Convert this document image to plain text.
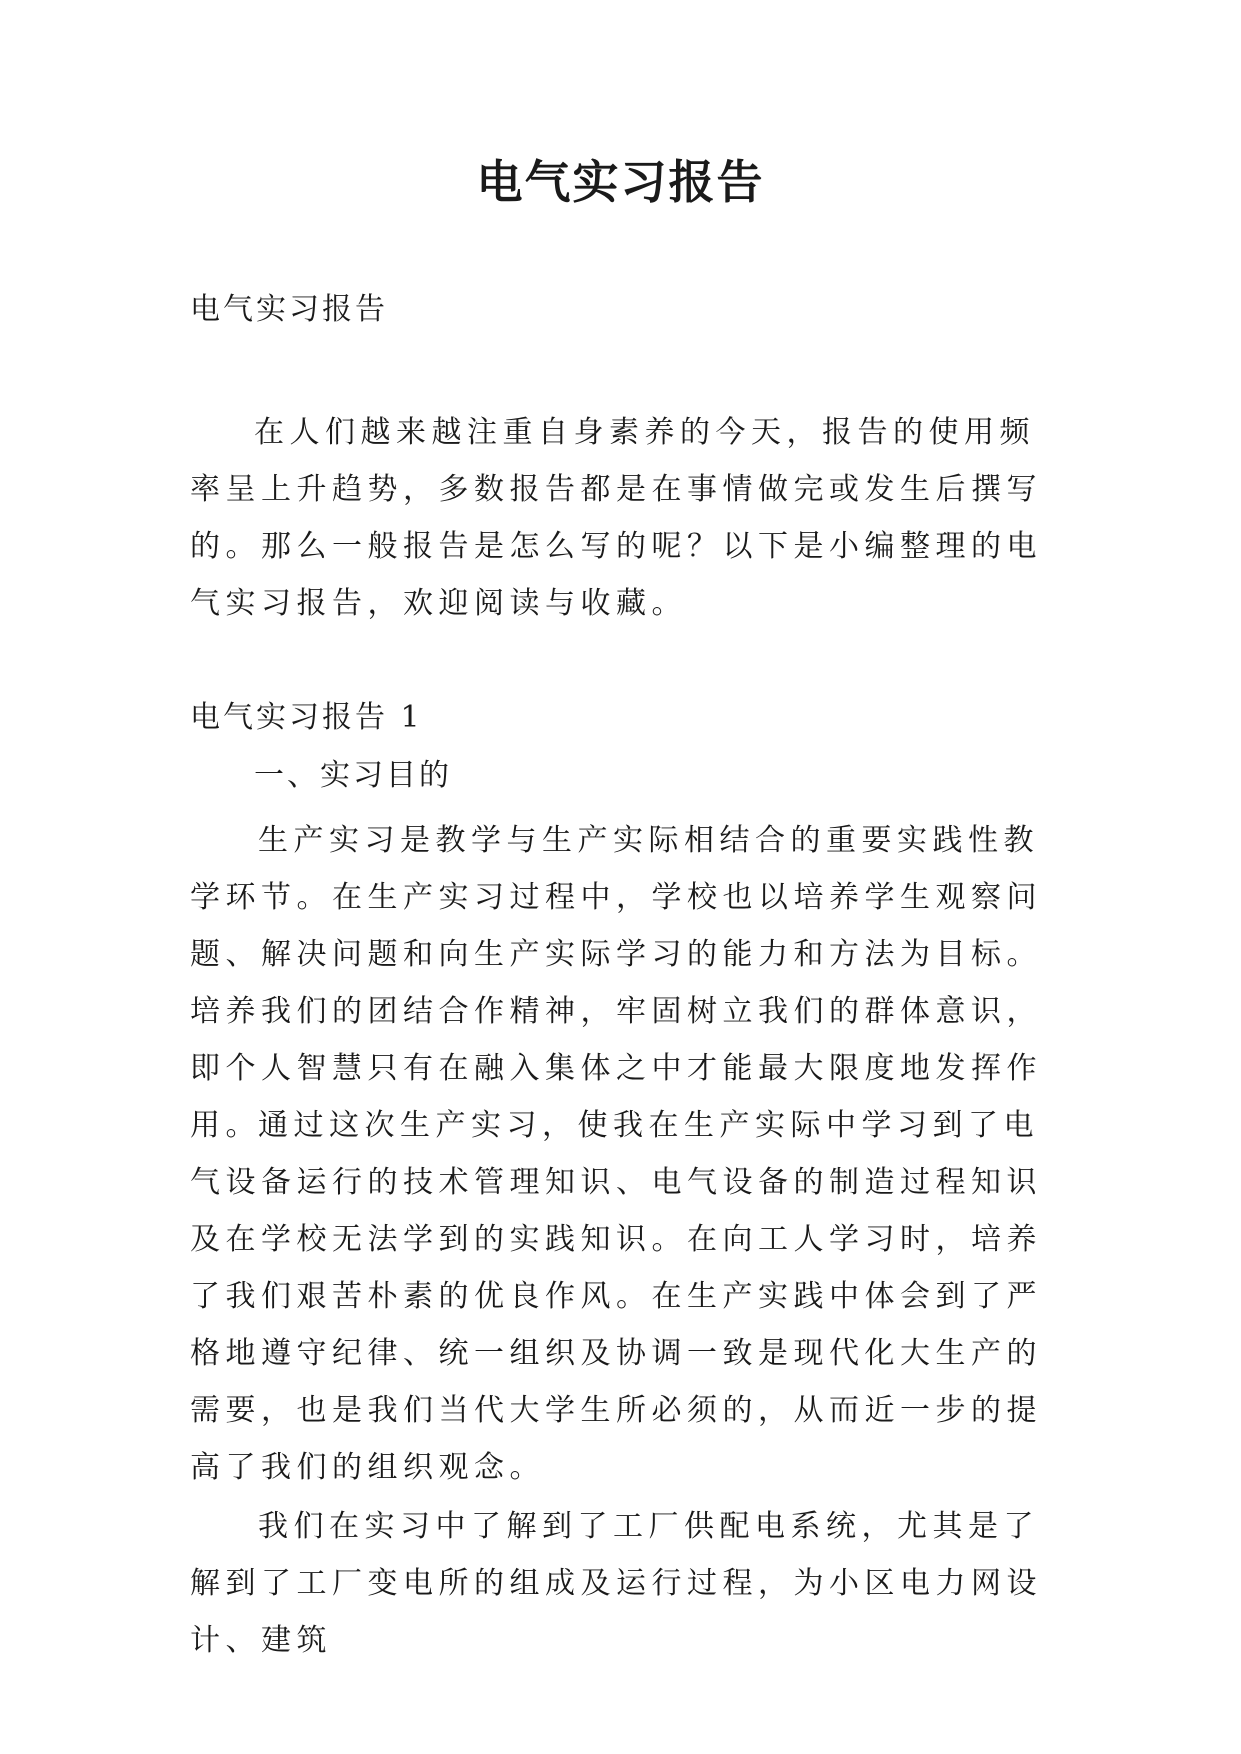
电气实习报告

电气实习报告

在人们越来越注重自身素养的今天，报告的使用频率呈上升趋势，多数报告都是在事情做完或发生后撰写的。那么一般报告是怎么写的呢？以下是小编整理的电气实习报告，欢迎阅读与收藏。

电气实习报告 1

一、实习目的

生产实习是教学与生产实际相结合的重要实践性教学环节。在生产实习过程中，学校也以培养学生观察问题、解决问题和向生产实际学习的能力和方法为目标。培养我们的团结合作精神，牢固树立我们的群体意识，即个人智慧只有在融入集体之中才能最大限度地发挥作用。

通过这次生产实习，使我在生产实际中学习到了电气设备运行的技术管理知识、电气设备的制造过程知识及在学校无法学到的实践知识。在向工人学习时，培养了我们艰苦朴素的优良作风。在生产实践中体会到了严格地遵守纪律、统一组织及协调一致是现代化大生产的需要，也是我们当代大学生所必须的，从而近一步的提高了我们的组织观念。

我们在实习中了解到了工厂供配电系统，尤其是了解到了工厂变电所的组成及运行过程，为小区电力网设计、建筑
